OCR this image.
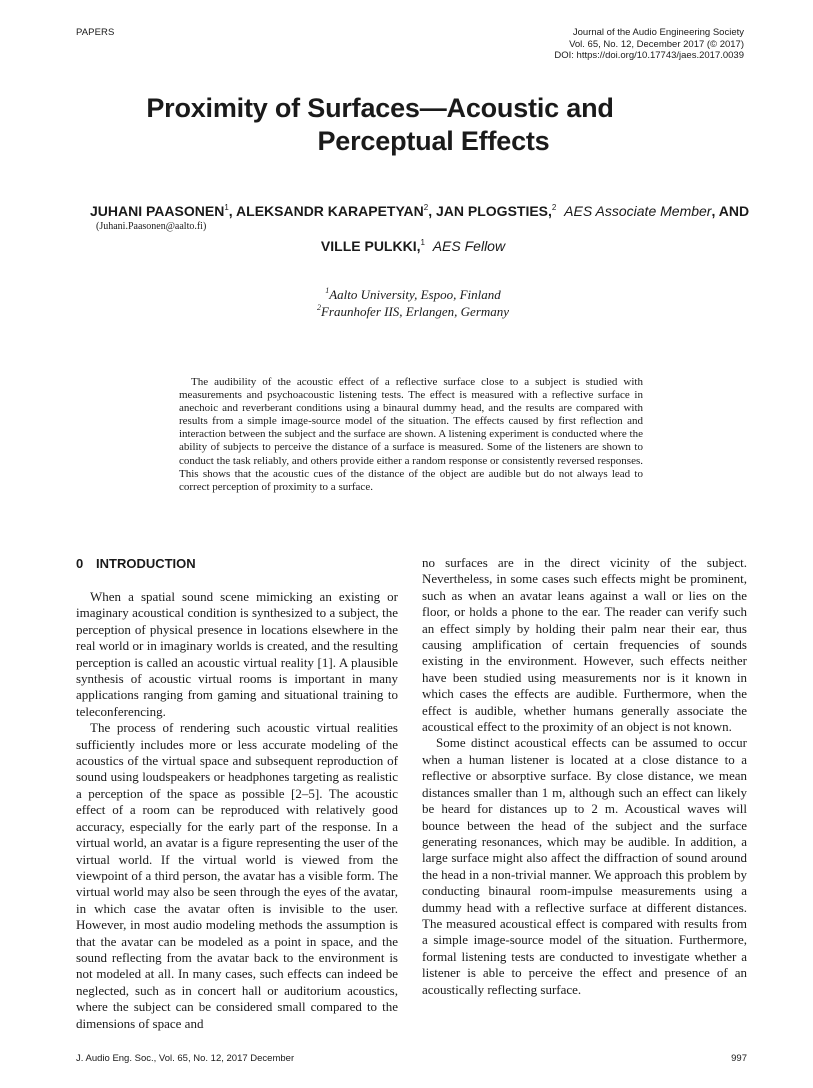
PAPERS	Journal of the Audio Engineering Society
Vol. 65, No. 12, December 2017 (© 2017)
DOI: https://doi.org/10.17743/jaes.2017.0039
Proximity of Surfaces—Acoustic and
Perceptual Effects
JUHANI PAASONEN$^1$, ALEKSANDR KARAPETYAN$^2$, JAN PLOGSTIES,$^2$ AES Associate Member, AND
(Juhani.Paasonen@aalto.fi)
VILLE PULKKI,$^1$ AES Fellow
$^1$Aalto University, Espoo, Finland
$^2$Fraunhofer IIS, Erlangen, Germany

The audibility of the acoustic effect of a reflective surface close to a subject is studied with measurements and psychoacoustic listening tests. The effect is measured with a reflective surface in anechoic and reverberant conditions using a binaural dummy head, and the results are compared with results from a simple image-source model of the situation. The effects caused by first reflection and interaction between the subject and the surface are shown. A listening experiment is conducted where the ability of subjects to perceive the distance of a surface is measured. Some of the listeners are shown to conduct the task reliably, and others provide either a random response or consistently reversed responses. This shows that the acoustic cues of the distance of the object are audible but do not always lead to correct perception of proximity to a surface.

0 INTRODUCTION

When a spatial sound scene mimicking an existing or imaginary acoustical condition is synthesized to a subject, the perception of physical presence in locations elsewhere in the real world or in imaginary worlds is created, and the resulting perception is called an acoustic virtual reality [1]. A plausible synthesis of acoustic virtual rooms is important in many applications ranging from gaming and situational training to teleconferencing.

The process of rendering such acoustic virtual realities sufficiently includes more or less accurate modeling of the acoustics of the virtual space and subsequent reproduction of sound using loudspeakers or headphones targeting as realistic a perception of the space as possible [2–5]. The acoustic effect of a room can be reproduced with relatively good accuracy, especially for the early part of the response. In a virtual world, an avatar is a figure representing the user of the virtual world. If the virtual world is viewed from the viewpoint of a third person, the avatar has a visible form. The virtual world may also be seen through the eyes of the avatar, in which case the avatar often is invisible to the user. However, in most audio modeling methods the assumption is that the avatar can be modeled as a point in space, and the sound reflecting from the avatar back to the environment is not modeled at all. In many cases, such effects can indeed be neglected, such as in concert hall or auditorium acoustics, where the subject can be considered small compared to the dimensions of space and

no surfaces are in the direct vicinity of the subject. Nevertheless, in some cases such effects might be prominent, such as when an avatar leans against a wall or lies on the floor, or holds a phone to the ear. The reader can verify such an effect simply by holding their palm near their ear, thus causing amplification of certain frequencies of sounds existing in the environment. However, such effects neither have been studied using measurements nor is it known in which cases the effects are audible. Furthermore, when the effect is audible, whether humans generally associate the acoustical effect to the proximity of an object is not known.

Some distinct acoustical effects can be assumed to occur when a human listener is located at a close distance to a reflective or absorptive surface. By close distance, we mean distances smaller than 1 m, although such an effect can likely be heard for distances up to 2 m. Acoustical waves will bounce between the head of the subject and the surface generating resonances, which may be audible. In addition, a large surface might also affect the diffraction of sound around the head in a non-trivial manner. We approach this problem by conducting binaural room-impulse measurements using a dummy head with a reflective surface at different distances. The measured acoustical effect is compared with results from a simple image-source model of the situation. Furthermore, formal listening tests are conducted to investigate whether a listener is able to perceive the effect and presence of an acoustically reflecting surface.

J. Audio Eng. Soc., Vol. 65, No. 12, 2017 December	997
